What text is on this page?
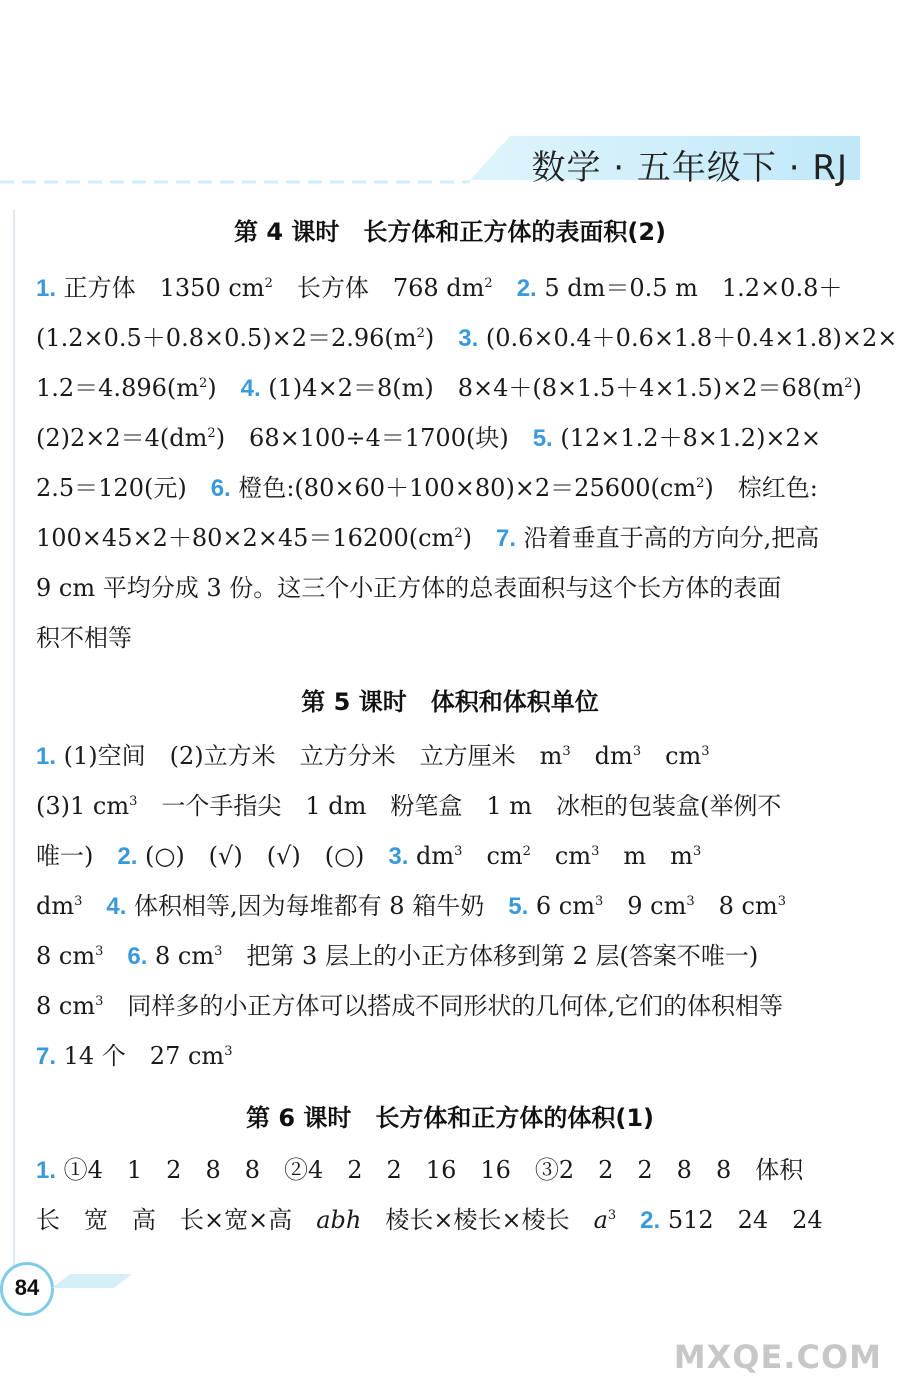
数学 · 五年级下 · RJ
第 4 课时　长方体和正方体的表面积(2)
1. 正方体　1350 $cm^2$　长方体　768 $dm^2$　 2. 5 dm＝0.5 m　1.2×0.8＋
$(1.2\times 0.5+0.8\times 0.5)\times 2=2.96(m^2)$　3. (0.6×0.4＋0.6×1.8＋0.4×1.8)×2×
$1.2=4.896(m^2)$　4. (1)4×2＝8(m)　$8\times 4+(8\times 1.5+4\times 1.5)\times 2=68(m^2)$
$(2)2\times 2=4(dm^2)$　68×100÷4＝1700(块)　5. (12×1.2＋8×1.2)×2×
2.5＝120(元)　6. 橙色$:(80\times 60+100\times 80)\times 2=25600(cm^2)$　棕红色:
$100\times 45\times 2+80\times 2\times 45=16200(cm^2)$　7. 沿着垂直于高的方向分,把高
9 cm 平均分成 3 份。这三个小正方体的总表面积与这个长方体的表面
积不相等
第 5 课时　体积和体积单位
1. (1)空间　(2)立方米　立方分米　立方厘米　$m^3$　$dm^3$　$cm^3$
(3)1 $cm^3$　一个手指尖　1 dm　粉笔盒　1 m　冰柜的包装盒(举例不
唯一)　2. (○)　(√)　(√)　(○)　3. $dm^3$　$cm^2$　$cm^3$　m　$m^3$
$dm^3$　 4. 体积相等,因为每堆都有 8 箱牛奶　5. 6 $cm^3$　9 $cm^3$　8 $cm^3$
8 $cm^3$　 6. 8 $cm^3$　把第 3 层上的小正方体移到第 2 层(答案不唯一)
8 $cm^3$　同样多的小正方体可以搭成不同形状的几何体,它们的体积相等
7. 14 个　27 $cm^3$
第 6 课时　长方体和正方体的体积(1)
1. ①4　1　2　8　8　②4　2　2　16　16　③2　2　2　8　8　体积
长　宽　高　长×宽×高　abh　棱长×棱长×棱长　$a^3$　 2. 512　24　24
84
MXQE.COM
